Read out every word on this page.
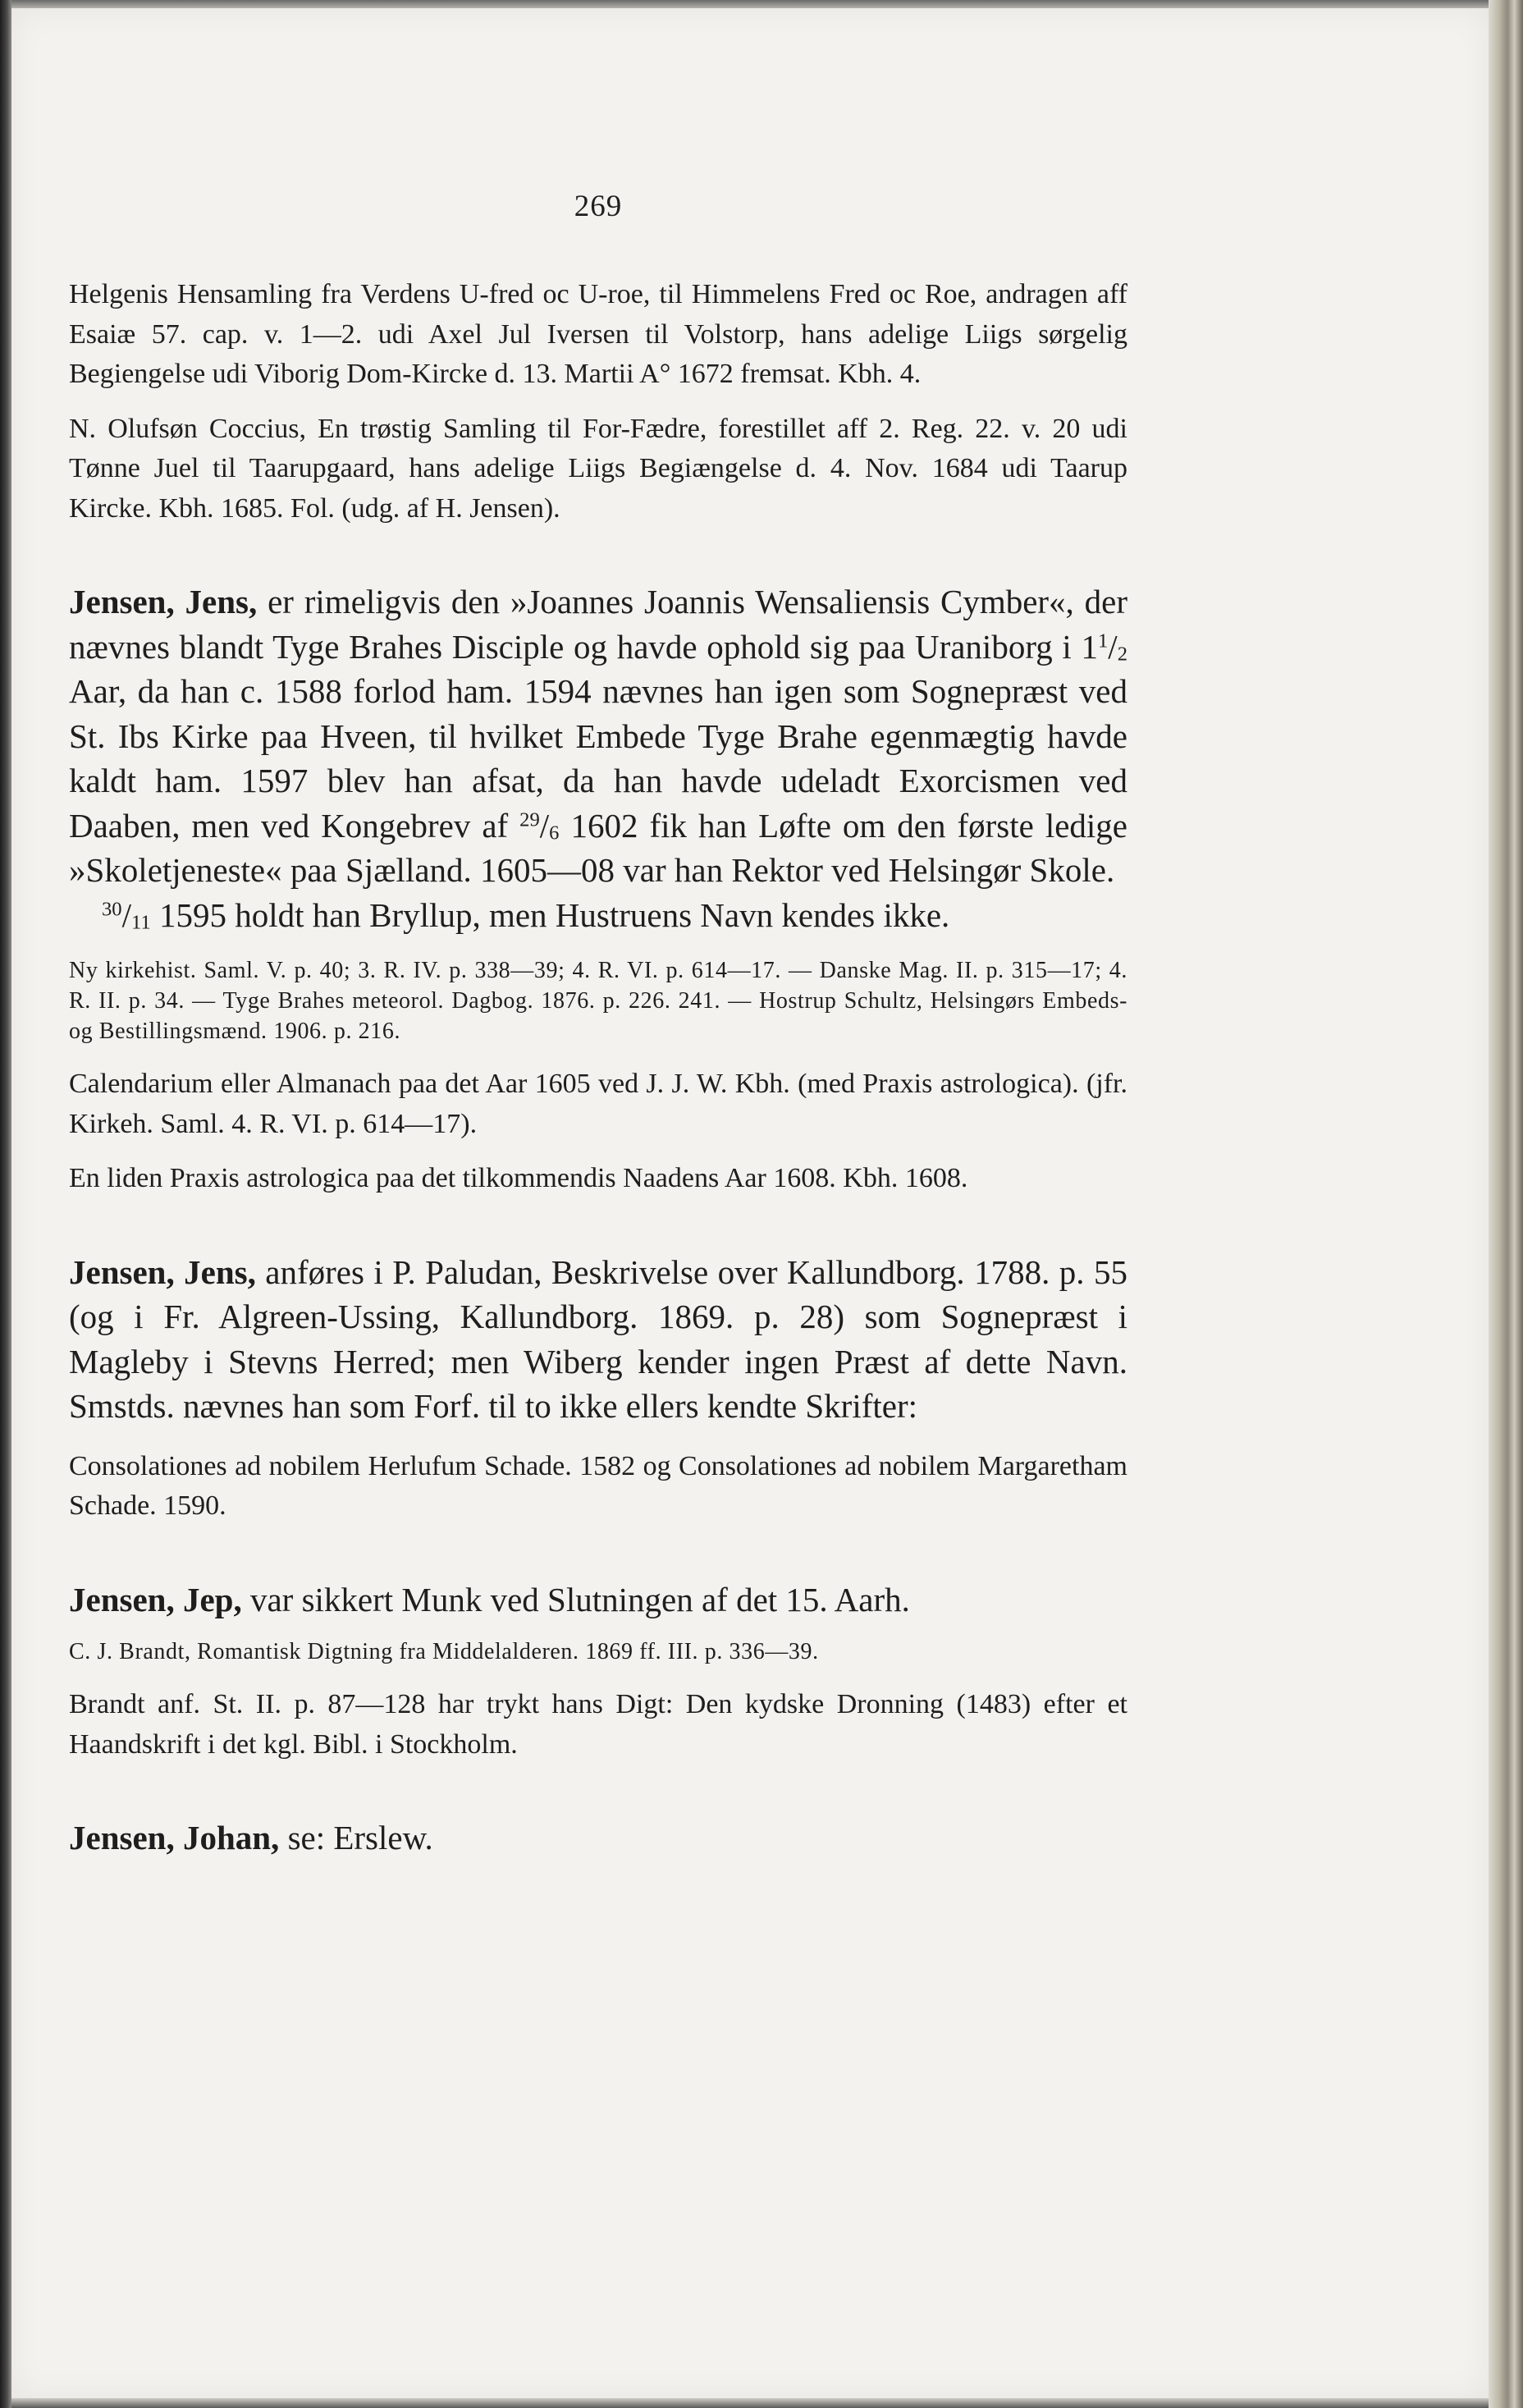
269

Helgenis Hensamling fra Verdens U-fred oc U-roe, til Himmelens Fred oc Roe, andragen aff Esaiæ 57. cap. v. 1—2. udi Axel Jul Iversen til Volstorp, hans adelige Liigs sørgelig Begiengelse udi Viborig Dom-Kircke d. 13. Martii A° 1672 fremsat. Kbh. 4.

N. Olufsøn Coccius, En trøstig Samling til For-Fædre, forestillet aff 2. Reg. 22. v. 20 udi Tønne Juel til Taarupgaard, hans adelige Liigs Begiængelse d. 4. Nov. 1684 udi Taarup Kircke. Kbh. 1685. Fol. (udg. af H. Jensen).

Jensen, Jens, er rimeligvis den »Joannes Joannis Wensaliensis Cymber«, der nævnes blandt Tyge Brahes Disciple og havde ophold sig paa Uraniborg i $1^1/_2$ Aar, da han c. 1588 forlod ham. 1594 nævnes han igen som Sognepræst ved St. Ibs Kirke paa Hveen, til hvilket Embede Tyge Brahe egenmægtig havde kaldt ham. 1597 blev han afsat, da han havde udeladt Exorcismen ved Daaben, men ved Kongebrev af $^{29}/_6$ 1602 fik han Løfte om den første ledige »Skoletjeneste« paa Sjælland. 1605—08 var han Rektor ved Helsingør Skole.

$^{30}/_{11}$ 1595 holdt han Bryllup, men Hustruens Navn kendes ikke.

Ny kirkehist. Saml. V. p. 40; 3. R. IV. p. 338—39; 4. R. VI. p. 614—17. — Danske Mag. II. p. 315—17; 4. R. II. p. 34. — Tyge Brahes meteorol. Dagbog. 1876. p. 226. 241. — Hostrup Schultz, Helsingørs Embeds- og Bestillingsmænd. 1906. p. 216.

Calendarium eller Almanach paa det Aar 1605 ved J. J. W. Kbh. (med Praxis astrologica). (jfr. Kirkeh. Saml. 4. R. VI. p. 614—17).

En liden Praxis astrologica paa det tilkommendis Naadens Aar 1608. Kbh. 1608.

Jensen, Jens, anføres i P. Paludan, Beskrivelse over Kallundborg. 1788. p. 55 (og i Fr. Algreen-Ussing, Kallundborg. 1869. p. 28) som Sognepræst i Magleby i Stevns Herred; men Wiberg kender ingen Præst af dette Navn. Smstds. nævnes han som Forf. til to ikke ellers kendte Skrifter:

Consolationes ad nobilem Herlufum Schade. 1582 og Consolationes ad nobilem Margaretham Schade. 1590.

Jensen, Jep, var sikkert Munk ved Slutningen af det 15. Aarh.

C. J. Brandt, Romantisk Digtning fra Middelalderen. 1869 ff. III. p. 336—39.

Brandt anf. St. II. p. 87—128 har trykt hans Digt: Den kydske Dronning (1483) efter et Haandskrift i det kgl. Bibl. i Stockholm.

Jensen, Johan, se: Erslew.
